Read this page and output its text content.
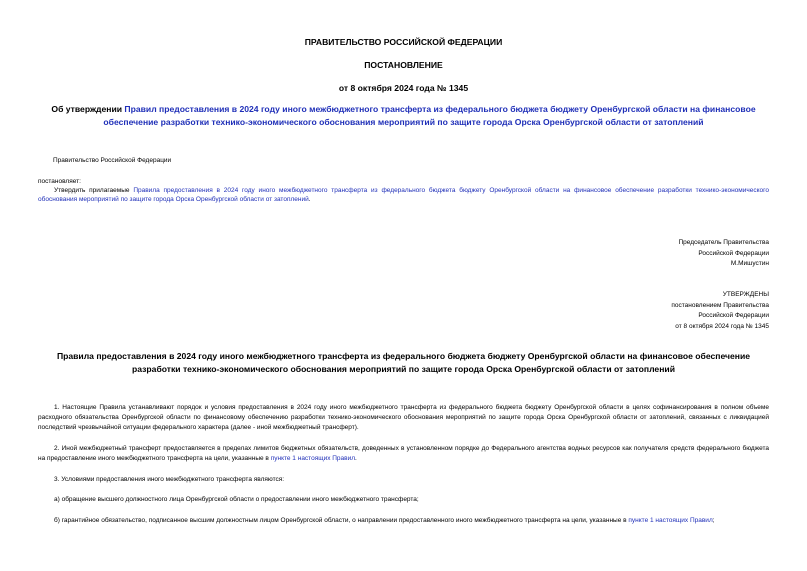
ПРАВИТЕЛЬСТВО РОССИЙСКОЙ ФЕДЕРАЦИИ
ПОСТАНОВЛЕНИЕ
от 8 октября 2024 года № 1345
Об утверждении Правил предоставления в 2024 году иного межбюджетного трансферта из федерального бюджета бюджету Оренбургской области на финансовое обеспечение разработки технико-экономического обоснования мероприятий по защите города Орска Оренбургской области от затоплений
Правительство Российской Федерации
постановляет:
Утвердить прилагаемые Правила предоставления в 2024 году иного межбюджетного трансферта из федерального бюджета бюджету Оренбургской области на финансовое обеспечение разработки технико-экономического обоснования мероприятий по защите города Орска Оренбургской области от затоплений.
Председатель Правительства
Российской Федерации
М.Мишустин
УТВЕРЖДЕНЫ
постановлением Правительства
Российской Федерации
от 8 октября 2024 года № 1345
Правила предоставления в 2024 году иного межбюджетного трансферта из федерального бюджета бюджету Оренбургской области на финансовое обеспечение разработки технико-экономического обоснования мероприятий по защите города Орска Оренбургской области от затоплений
1. Настоящие Правила устанавливают порядок и условия предоставления в 2024 году иного межбюджетного трансферта из федерального бюджета бюджету Оренбургской области в целях софинансирования в полном объеме расходного обязательства Оренбургской области по финансовому обеспечению разработки технико-экономического обоснования мероприятий по защите города Орска Оренбургской области от затоплений, связанных с ликвидацией последствий чрезвычайной ситуации федерального характера (далее - иной межбюджетный трансферт).
2. Иной межбюджетный трансферт предоставляется в пределах лимитов бюджетных обязательств, доведенных в установленном порядке до Федерального агентства водных ресурсов как получателя средств федерального бюджета на предоставление иного межбюджетного трансферта на цели, указанные в пункте 1 настоящих Правил.
3. Условиями предоставления иного межбюджетного трансферта являются:
а) обращение высшего должностного лица Оренбургской области о предоставлении иного межбюджетного трансферта;
б) гарантийное обязательство, подписанное высшим должностным лицом Оренбургской области, о направлении предоставленного иного межбюджетного трансферта на цели, указанные в пункте 1 настоящих Правил;
